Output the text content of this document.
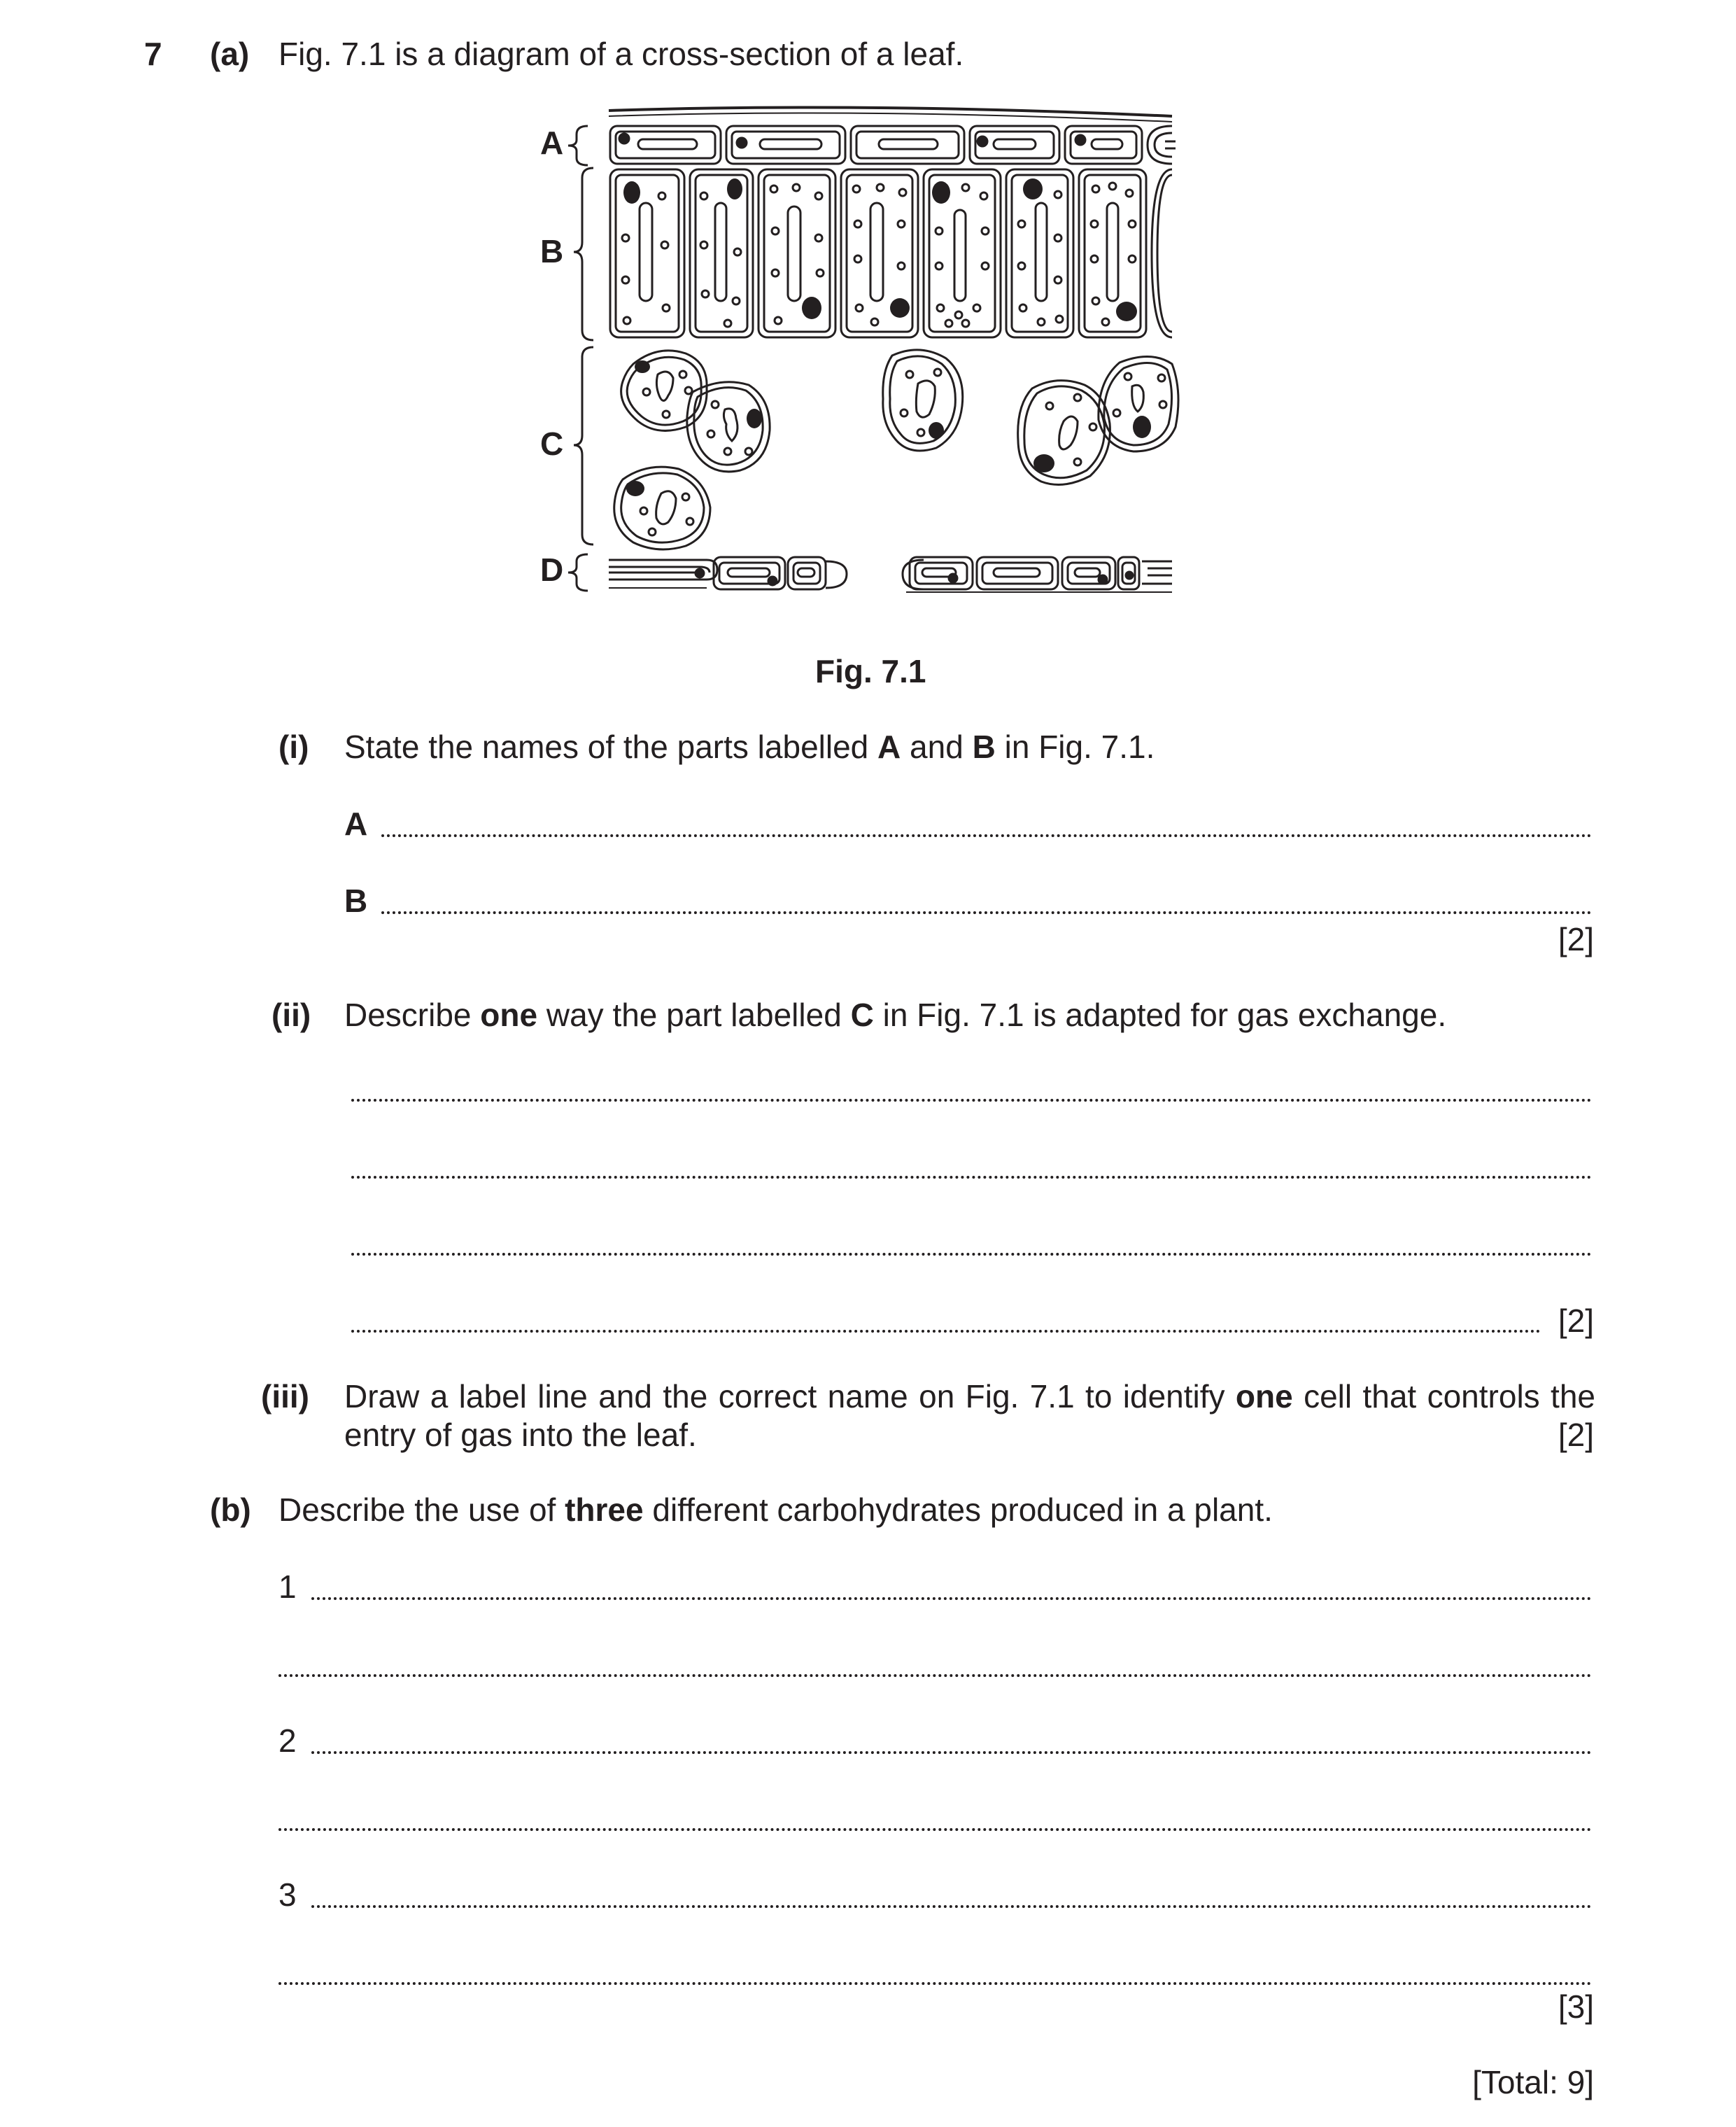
7 (a) Fig. 7.1 is a diagram of a cross-section of a leaf.
A
B
C
D
Fig. 7.1
(i) State the names of the parts labelled A and B in Fig. 7.1.
A
B
[2]
(ii) Describe one way the part labelled C in Fig. 7.1 is adapted for gas exchange.
[2]
(iii) Draw a label line and the correct name on Fig. 7.1 to identify one cell that controls the
entry of gas into the leaf.	[2]
(b) Describe the use of three different carbohydrates produced in a plant.
1
2
3
[3]
[Total: 9]
